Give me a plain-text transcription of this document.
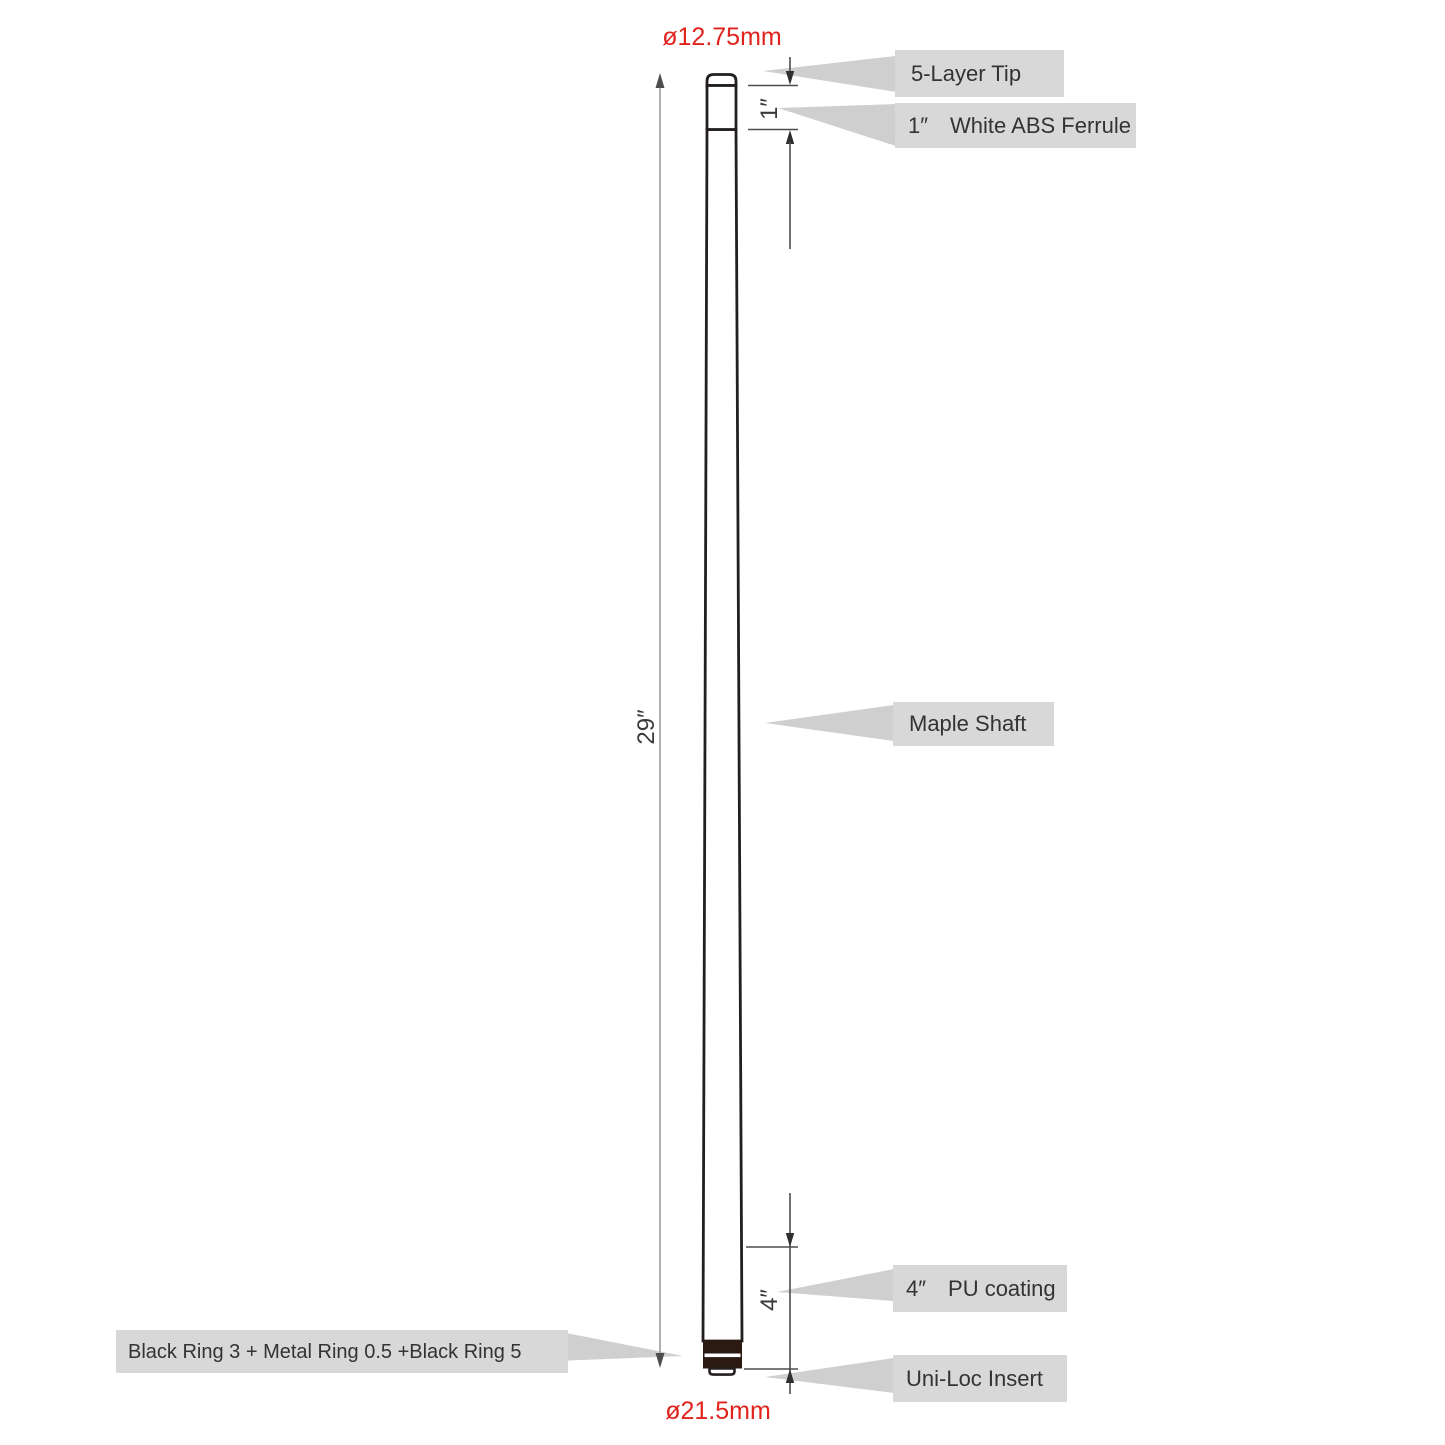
ø12.75mm
ø21.5mm
29″
1″
4″
5-Layer Tip
1″　White ABS Ferrule
Maple Shaft
4″　PU coating
Uni-Loc Insert
Black Ring 3 + Metal Ring 0.5 +Black Ring 5
